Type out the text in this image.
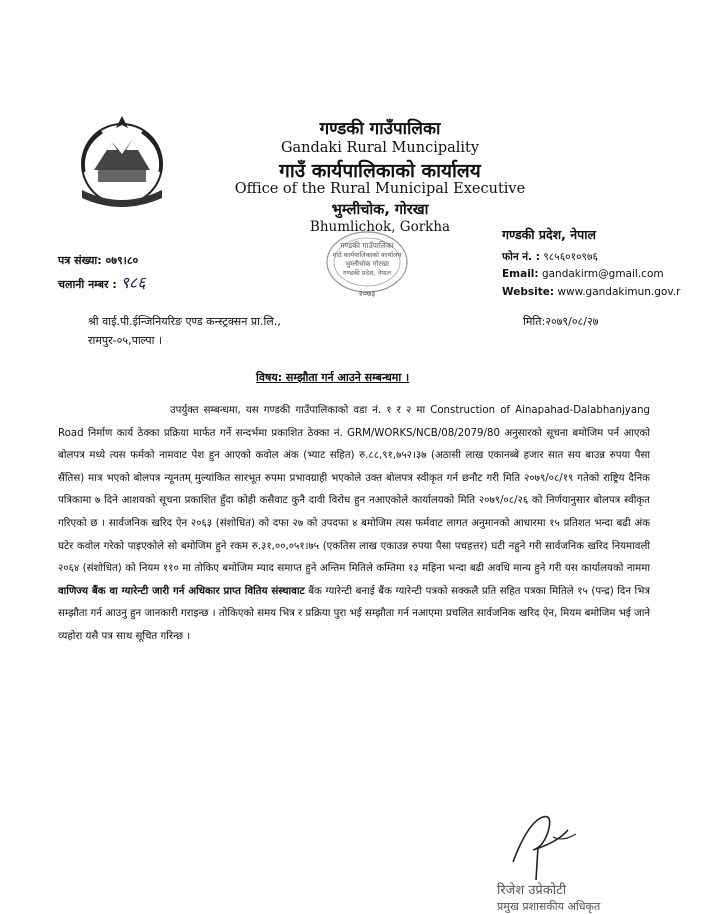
गण्डकी गाउँपालिका
Gandaki Rural Muncipality
गाउँ कार्यपालिकाको कार्यालय
Office of the Rural Municipal Executive
भुम्लीचोक, गोरखा
Bhumlichok, Gorkha	गण्डकी प्रदेश, नेपाल
फोन नं. : ९८५६०१०९७६
Email: gandakirm@gmail.com
Website: www.gandakimun.gov.r
पत्र संख्या: ०७९।८०
चलानी नम्बर : ९८६
गण्डकी गाउँपालिका
गाउँ कार्यपालिकाको कार्यालय
भुम्लीचोक गोरखा
गण्डकी प्रदेश, नेपाल
२०७३
श्री वाई.पी.ईन्जिनियरिङ एण्ड कन्स्ट्रक्सन प्रा.लि.,
रामपुर-०५,पाल्पा ।
मिति:२०७९/०८/२७
विषय: सम्झौता गर्न आउने सम्बन्धमा ।

उपर्युक्त सम्बन्धमा, यस गण्डकी गाउँपालिकाको वडा नं. १ र २ मा Construction of Ainapahad-Dalabhanjyang Road निर्माण कार्य ठेक्का प्रक्रिया मार्फत गर्ने सन्दर्भमा प्रकाशित ठेक्का नं. GRM/WORKS/NCB/08/2079/80 अनुसारको सूचना बमोजिम पर्न आएको बोलपत्र मध्ये त्यस फर्मको नामवाट पेश हुन आएको कवोल अंक (भ्याट सहित) रु.८८,९१,७५२।३७ (अठासी लाख एकानब्बे हजार सात सय बाउन्न रुपया पैसा सैंतिस) मात्र भएको बोलपत्र न्यूनतम् मुल्यांकित सारभूत रुपमा प्रभावग्राही भएकोले उक्त बोलपत्र स्वीकृत गर्न छनौट गरी मिति २०७९/०८/१९ गतेको राष्ट्रिय दैनिक पत्रिकामा ७ दिने आशयको सूचना प्रकाशित हुँदा कोही कसैवाट कुनै दावी विरोध हुन नआएकोले कार्यालयको मिति २०७९/०८/२६ को निर्णयानुसार बोलपत्र स्वीकृत गरिएको छ । सार्वजनिक खरिद ऐन २०६३ (संशोधित) को दफा २७ को उपदफा ४ बमोजिम त्यस फर्मवाट लागत अनुमानको आधारमा १५ प्रतिशत भन्दा बढी अंक घटेर कवोल गरेको पाइएकोले सो बमोजिम हुने रकम रु.३१,००,०५१।७५ (एकतिस लाख एकाउन्न रुपया पैसा पचहत्तर) घटी नहुने गरी सार्वजनिक खरिद नियमावली २०६४ (संशोधित) को नियम ११० मा तोकिए बमोजिम म्याद समाप्त हुने अन्तिम मितिले कम्तिमा १३ महिना भन्दा बढी अवधि मान्य हुने गरी यस कार्यालयको नाममा वाणिज्य बैंक वा ग्यारेन्टी जारी गर्न अधिकार प्राप्त वितिय संस्थावाट बैंक ग्यारेन्टी बनाई बैंक ग्यारेन्टी पत्रको सक्कलै प्रति सहित पत्रका मितिले १५ (पन्द्र) दिन भित्र सम्झौता गर्न आउनु हुन जानकारी गराइन्छ । तोकिएको समय भित्र र प्रक्रिया पुरा भई सम्झौता गर्न नआएमा प्रचलित सार्वजनिक खरिद ऐन, मियम बमोजिम भई जाने व्यहोरा यसै पत्र साथ सूचित गरिन्छ ।

रिजेश उप्रेकोटी
प्रमुख प्रशासकीय अधिकृत
